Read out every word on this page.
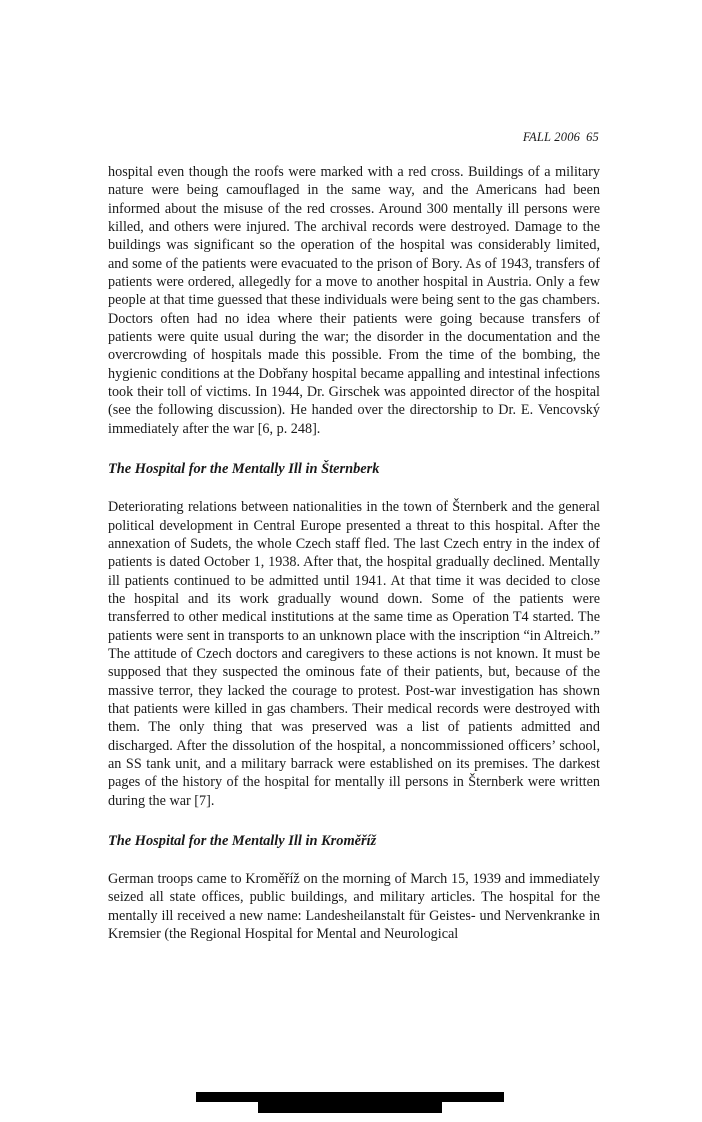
FALL 2006 65

hospital even though the roofs were marked with a red cross. Buildings of a military nature were being camouflaged in the same way, and the Americans had been informed about the misuse of the red crosses. Around 300 mentally ill persons were killed, and others were injured. The archival records were destroyed. Damage to the buildings was significant so the operation of the hospital was considerably limited, and some of the patients were evacuated to the prison of Bory. As of 1943, transfers of patients were ordered, allegedly for a move to another hospital in Austria. Only a few people at that time guessed that these individuals were being sent to the gas chambers. Doctors often had no idea where their patients were going because transfers of patients were quite usual during the war; the disorder in the documentation and the overcrowding of hospitals made this possible. From the time of the bombing, the hygienic conditions at the Dobřany hospital became appalling and intestinal infections took their toll of victims. In 1944, Dr. Girschek was appointed director of the hospital (see the following discussion). He handed over the directorship to Dr. E. Vencovský immediately after the war [6, p. 248].

The Hospital for the Mentally Ill in Šternberk

Deteriorating relations between nationalities in the town of Šternberk and the general political development in Central Europe presented a threat to this hospital. After the annexation of Sudets, the whole Czech staff fled. The last Czech entry in the index of patients is dated October 1, 1938. After that, the hospital gradually declined. Mentally ill patients continued to be admitted until 1941. At that time it was decided to close the hospital and its work gradually wound down. Some of the patients were transferred to other medical institutions at the same time as Operation T4 started. The patients were sent in transports to an unknown place with the inscription “in Altreich.” The attitude of Czech doctors and caregivers to these actions is not known. It must be supposed that they suspected the ominous fate of their patients, but, because of the massive terror, they lacked the courage to protest. Post-war investigation has shown that patients were killed in gas chambers. Their medical records were destroyed with them. The only thing that was preserved was a list of patients admitted and discharged. After the dissolution of the hospital, a noncommissioned officers’ school, an SS tank unit, and a military barrack were established on its premises. The darkest pages of the history of the hospital for mentally ill persons in Šternberk were written during the war [7].

The Hospital for the Mentally Ill in Kroměříž

German troops came to Kroměříž on the morning of March 15, 1939 and immediately seized all state offices, public buildings, and military articles. The hospital for the mentally ill received a new name: Landesheilanstalt für Geistes- und Nervenkranke in Kremsier (the Regional Hospital for Mental and Neurological
